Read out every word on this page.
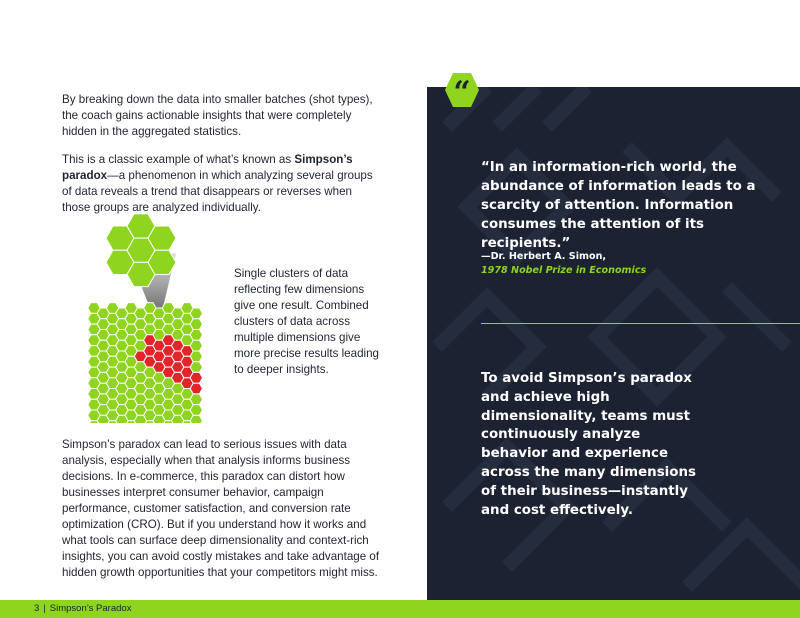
By breaking down the data into smaller batches (shot types), the coach gains actionable insights that were completely hidden in the aggregated statistics.

This is a classic example of what’s known as Simpson’s paradox—a phenomenon in which analyzing several groups of data reveals a trend that disappears or reverses when those groups are analyzed individually.

Single clusters of data reflecting few dimensions give one result. Combined clusters of data across multiple dimensions give more precise results leading to deeper insights.
Simpson’s paradox can lead to serious issues with data analysis, especially when that analysis informs business decisions. In e-commerce, this paradox can distort how businesses interpret consumer behavior, campaign performance, customer satisfaction, and conversion rate optimization (CRO). But if you understand how it works and what tools can surface deep dimensionality and context-rich insights, you can avoid costly mistakes and take advantage of hidden growth opportunities that your competitors might miss.
“

“In an information-rich world, the abundance of information leads to a scarcity of attention. Information consumes the attention of its recipients.”

—Dr. Herbert A. Simon,
1978 Nobel Prize in Economics

To avoid Simpson’s paradox and achieve high dimensionality, teams must continuously analyze behavior and experience across the many dimensions of their business—instantly and cost effectively.

3 | Simpson’s Paradox
